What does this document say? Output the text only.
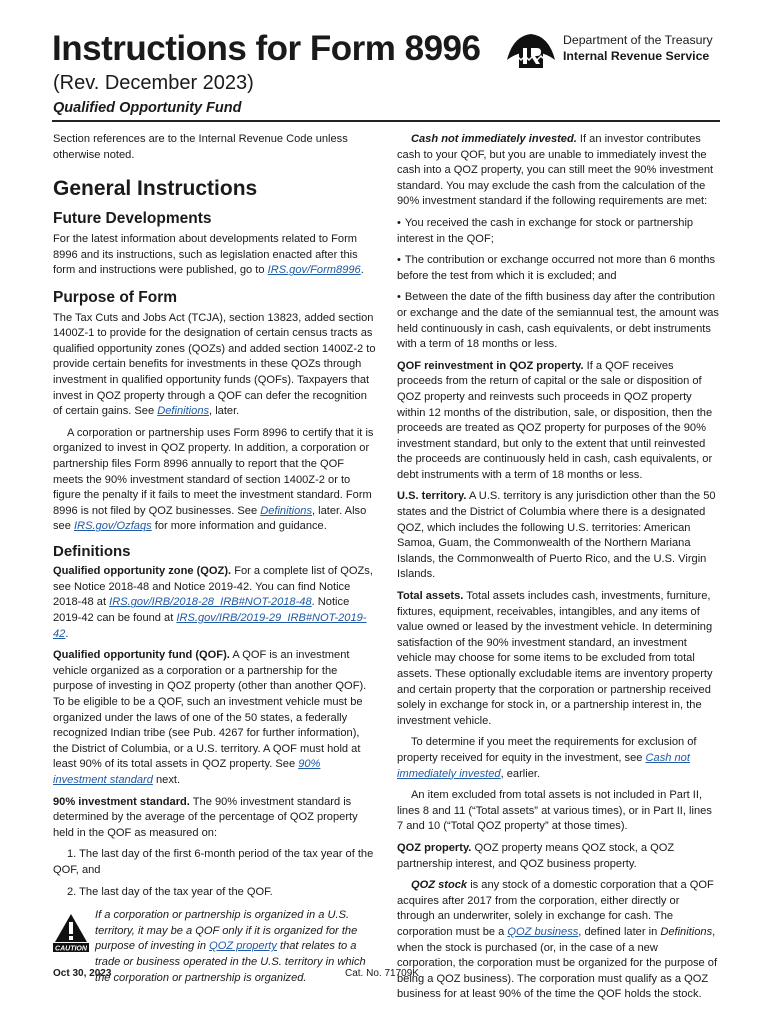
Instructions for Form 8996
(Rev. December 2023)
Qualified Opportunity Fund
Department of the Treasury
Internal Revenue Service

Section references are to the Internal Revenue Code unless otherwise noted.

General Instructions
Future Developments

For the latest information about developments related to Form 8996 and its instructions, such as legislation enacted after this form and instructions were published, go to IRS.gov/Form8996.

Purpose of Form

The Tax Cuts and Jobs Act (TCJA), section 13823, added section 1400Z-1 to provide for the designation of certain census tracts as qualified opportunity zones (QOZs) and added section 1400Z-2 to provide certain benefits for investments in these QOZs through investment in qualified opportunity funds (QOFs). Taxpayers that invest in QOZ property through a QOF can defer the recognition of certain gains. See Definitions, later.

A corporation or partnership uses Form 8996 to certify that it is organized to invest in QOZ property. In addition, a corporation or partnership files Form 8996 annually to report that the QOF meets the 90% investment standard of section 1400Z-2 or to figure the penalty if it fails to meet the investment standard. Form 8996 is not filed by QOZ businesses. See Definitions, later. Also see IRS.gov/Ozfaqs for more information and guidance.

Definitions

Qualified opportunity zone (QOZ). For a complete list of QOZs, see Notice 2018-48 and Notice 2019-42. You can find Notice 2018-48 at IRS.gov/IRB/2018-28_IRB#NOT-2018-48. Notice 2019-42 can be found at IRS.gov/IRB/2019-29_IRB#NOT-2019-42.

Qualified opportunity fund (QOF). A QOF is an investment vehicle organized as a corporation or a partnership for the purpose of investing in QOZ property (other than another QOF). To be eligible to be a QOF, such an investment vehicle must be organized under the laws of one of the 50 states, a federally recognized Indian tribe (see Pub. 4267 for further information), the District of Columbia, or a U.S. territory. A QOF must hold at least 90% of its total assets in QOZ property. See 90% investment standard next.

90% investment standard. The 90% investment standard is determined by the average of the percentage of QOZ property held in the QOF as measured on:

1. The last day of the first 6-month period of the tax year of the QOF, and

2. The last day of the tax year of the QOF.

CAUTION
If a corporation or partnership is organized in a U.S. territory, it may be a QOF only if it is organized for the purpose of investing in QOZ property that relates to a trade or business operated in the U.S. territory in which the corporation or partnership is organized.

Cash not immediately invested. If an investor contributes cash to your QOF, but you are unable to immediately invest the cash into a QOZ property, you can still meet the 90% investment standard. You may exclude the cash from the calculation of the 90% investment standard if the following requirements are met:

• You received the cash in exchange for stock or partnership interest in the QOF;

• The contribution or exchange occurred not more than 6 months before the test from which it is excluded; and

• Between the date of the fifth business day after the contribution or exchange and the date of the semiannual test, the amount was held continuously in cash, cash equivalents, or debt instruments with a term of 18 months or less.

QOF reinvestment in QOZ property. If a QOF receives proceeds from the return of capital or the sale or disposition of QOZ property and reinvests such proceeds in QOZ property within 12 months of the distribution, sale, or disposition, then the proceeds are treated as QOZ property for purposes of the 90% investment standard, but only to the extent that until reinvested the proceeds are continuously held in cash, cash equivalents, or debt instruments with a term of 18 months or less.

U.S. territory. A U.S. territory is any jurisdiction other than the 50 states and the District of Columbia where there is a designated QOZ, which includes the following U.S. territories: American Samoa, Guam, the Commonwealth of the Northern Mariana Islands, the Commonwealth of Puerto Rico, and the U.S. Virgin Islands.

Total assets. Total assets includes cash, investments, furniture, fixtures, equipment, receivables, intangibles, and any items of value owned or leased by the investment vehicle. In determining satisfaction of the 90% investment standard, an investment vehicle may choose for some items to be excluded from total assets. These optionally excludable items are inventory property and certain property that the corporation or partnership received solely in exchange for stock in, or a partnership interest in, the investment vehicle.

To determine if you meet the requirements for exclusion of property received for equity in the investment, see Cash not immediately invested, earlier.

An item excluded from total assets is not included in Part II, lines 8 and 11 (“Total assets” at various times), or in Part II, lines 7 and 10 (“Total QOZ property” at those times).

QOZ property. QOZ property means QOZ stock, a QOZ partnership interest, and QOZ business property.

QOZ stock is any stock of a domestic corporation that a QOF acquires after 2017 from the corporation, either directly or through an underwriter, solely in exchange for cash. The corporation must be a QOZ business, defined later in Definitions, when the stock is purchased (or, in the case of a new corporation, the corporation must be organized for the purpose of being a QOZ business). The corporation must qualify as a QOZ business for at least 90% of the time the QOF holds the stock.

Oct 30, 2023	Cat. No. 71709K
